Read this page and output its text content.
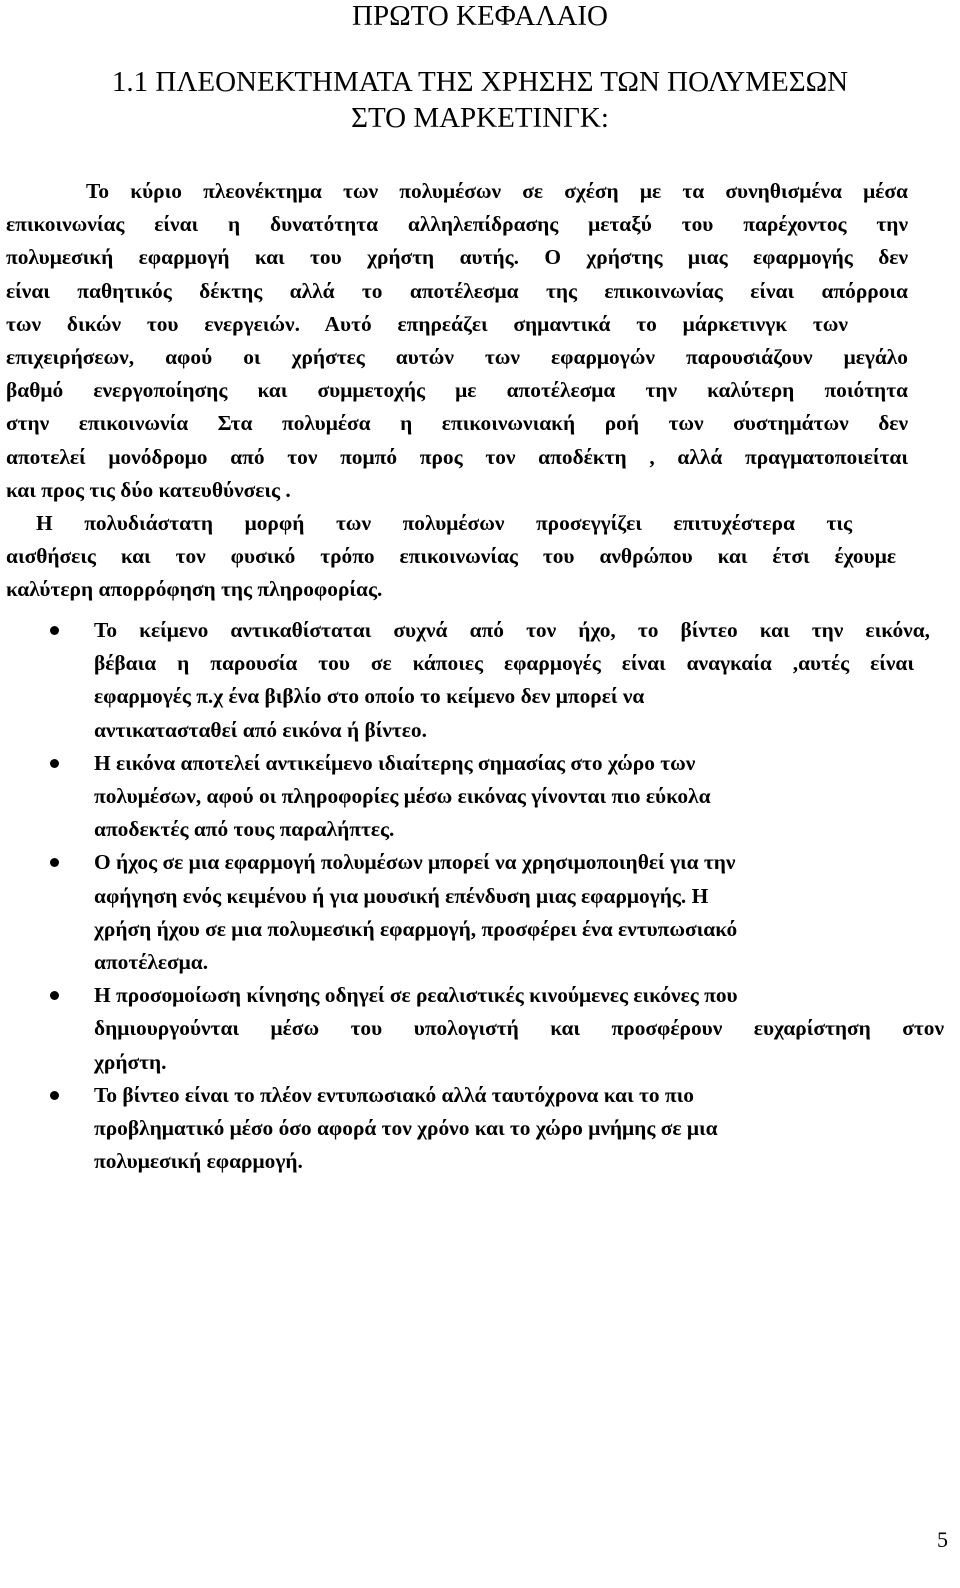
ΠΡΩΤΟ ΚΕΦΑΛΑΙΟ
1.1 ΠΛΕΟΝΕΚΤΗΜΑΤΑ ΤΗΣ ΧΡΗΣΗΣ ΤΩΝ ΠΟΛΥΜΕΣΩΝ
ΣΤΟ ΜΑΡΚΕΤΙΝΓΚ:
Το κύριο πλεονέκτημα των πολυμέσων σε σχέση με τα συνηθισμένα μέσα
επικοινωνίας είναι η δυνατότητα αλληλεπίδρασης μεταξύ του παρέχοντος την
πολυμεσική εφαρμογή και του χρήστη αυτής. Ο χρήστης μιας εφαρμογής δεν
είναι παθητικός δέκτης αλλά το αποτέλεσμα της επικοινωνίας είναι απόρροια
των δικών του ενεργειών. Αυτό επηρεάζει σημαντικά το μάρκετινγκ των
επιχειρήσεων, αφού οι χρήστες αυτών των εφαρμογών παρουσιάζουν μεγάλο
βαθμό ενεργοποίησης και συμμετοχής με αποτέλεσμα την καλύτερη ποιότητα
στην επικοινωνία Στα πολυμέσα η επικοινωνιακή ροή των συστημάτων δεν
αποτελεί μονόδρομο από τον πομπό προς τον αποδέκτη , αλλά πραγματοποιείται
και προς τις δύο κατευθύνσεις .
Η πολυδιάστατη μορφή των πολυμέσων προσεγγίζει επιτυχέστερα τις
αισθήσεις και τον φυσικό τρόπο επικοινωνίας του ανθρώπου και έτσι έχουμε
καλύτερη απορρόφηση της πληροφορίας.
Το κείμενο αντικαθίσταται συχνά από τον ήχο, το βίντεο και την εικόνα,
βέβαια η παρουσία του σε κάποιες εφαρμογές είναι αναγκαία ,αυτές είναι
εφαρμογές π.χ ένα βιβλίο στο οποίο το κείμενο δεν μπορεί να
αντικατασταθεί από εικόνα ή βίντεο.
Η εικόνα αποτελεί αντικείμενο ιδιαίτερης σημασίας στο χώρο των
πολυμέσων, αφού οι πληροφορίες μέσω εικόνας γίνονται πιο εύκολα
αποδεκτές από τους παραλήπτες.
Ο ήχος σε μια εφαρμογή πολυμέσων μπορεί να χρησιμοποιηθεί για την
αφήγηση ενός κειμένου ή για μουσική επένδυση μιας εφαρμογής. Η
χρήση ήχου σε μια πολυμεσική εφαρμογή, προσφέρει ένα εντυπωσιακό
αποτέλεσμα.
Η προσομοίωση κίνησης οδηγεί σε ρεαλιστικές κινούμενες εικόνες που
δημιουργούνται μέσω του υπολογιστή και προσφέρουν ευχαρίστηση στον
χρήστη.
Το βίντεο είναι το πλέον εντυπωσιακό αλλά ταυτόχρονα και το πιο
προβληματικό μέσο όσο αφορά τον χρόνο και το χώρο μνήμης σε μια
πολυμεσική εφαρμογή.
5
